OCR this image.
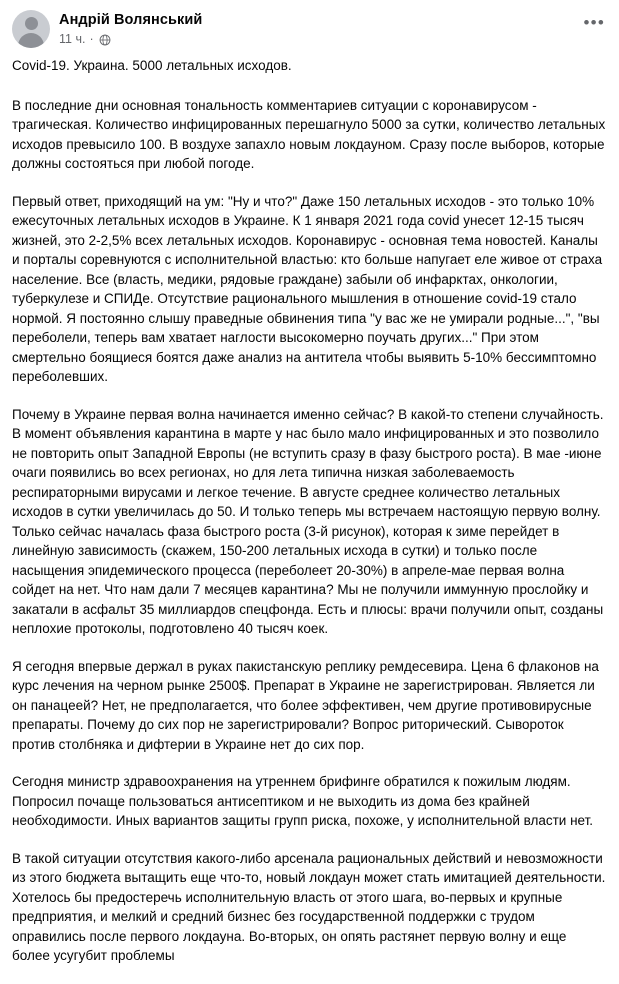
Андрій Волянський
11 ч. ·
•••

Covid-19. Украина. 5000 летальных исходов.

В последние дни основная тональность комментариев ситуации с коронавирусом - трагическая. Количество инфицированных перешагнуло 5000 за сутки, количество летальных исходов превысило 100. В воздухе запахло новым локдауном. Сразу после выборов, которые должны состояться при любой погоде.

Первый ответ, приходящий на ум: "Ну и что?" Даже 150 летальных исходов - это только 10% ежесуточных летальных исходов в Украине. К 1 января 2021 года covid унесет 12-15 тысяч жизней, это 2-2,5% всех летальных исходов. Коронавирус - основная тема новостей. Каналы и порталы соревнуются с исполнительной властью: кто больше напугает еле живое от страха население. Все (власть, медики, рядовые граждане) забыли об инфарктах, онкологии, туберкулезе и СПИДе. Отсутствие рационального мышления в отношение covid-19 стало нормой. Я постоянно слышу праведные обвинения типа "у вас же не умирали родные...", "вы переболели, теперь вам хватает наглости высокомерно поучать других..." При этом смертельно боящиеся боятся даже анализ на антитела чтобы выявить 5-10% бессимптомно переболевших.

Почему в Украине первая волна начинается именно сейчас? В какой-то степени случайность. В момент объявления карантина в марте у нас было мало инфицированных и это позволило не повторить опыт Западной Европы (не вступить сразу в фазу быстрого роста). В мае -июне очаги появились во всех регионах, но для лета типична низкая заболеваемость респираторными вирусами и легкое течение. В августе среднее количество летальных исходов в сутки увеличилась до 50. И только теперь мы встречаем настоящую первую волну. Только сейчас началась фаза быстрого роста (3-й рисунок), которая к зиме перейдет в линейную зависимость (скажем, 150-200 летальных исхода в сутки) и только после насыщения эпидемического процесса (переболеет 20-30%) в апреле-мае первая волна сойдет на нет. Что нам дали 7 месяцев карантина? Мы не получили иммунную прослойку и закатали в асфальт 35 миллиардов спецфонда. Есть и плюсы: врачи получили опыт, созданы неплохие протоколы, подготовлено 40 тысяч коек.

Я сегодня впервые держал в руках пакистанскую реплику ремдесевира. Цена 6 флаконов на курс лечения на черном рынке 2500$. Препарат в Украине не зарегистрирован. Является ли он панацеей? Нет, не предполагается, что более эффективен, чем другие противовирусные препараты. Почему до сих пор не зарегистрировали? Вопрос риторический. Сывороток против столбняка и дифтерии в Украине нет до сих пор.

Сегодня министр здравоохранения на утреннем брифинге обратился к пожилым людям. Попросил почаще пользоваться антисептиком и не выходить из дома без крайней необходимости. Иных вариантов защиты групп риска, похоже, у исполнительной власти нет.

В такой ситуации отсутствия какого-либо арсенала рациональных действий и невозможности из этого бюджета вытащить еще что-то, новый локдаун может стать имитацией деятельности. Хотелось бы предостеречь исполнительную власть от этого шага, во-первых и крупные предприятия, и мелкий и средний бизнес без государственной поддержки с трудом оправились после первого локдауна. Во-вторых, он опять растянет первую волну и еще более усугубит проблемы
